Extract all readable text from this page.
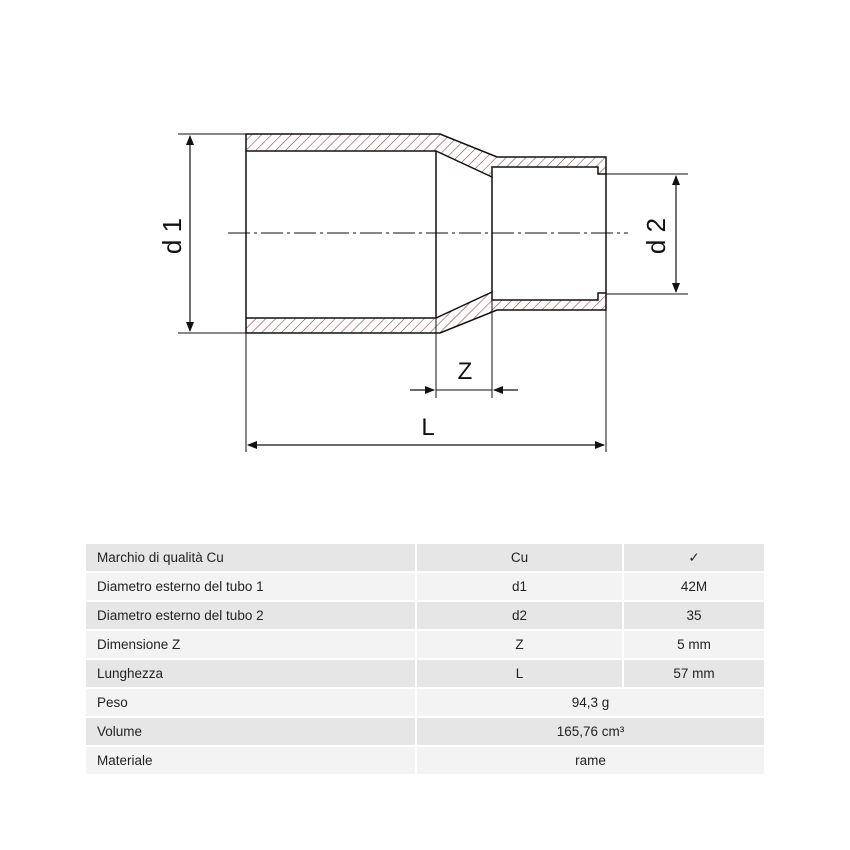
d 1	d 2
Z
L
Marchio di qualità Cu	Cu	✓
Diametro esterno del tubo 1	d1	42M
Diametro esterno del tubo 2	d2	35
Dimensione Z	Z	5 mm
Lunghezza	L	57 mm
Peso	94,3 g	
Volume	165,76 cm³	
Materiale	rame	
